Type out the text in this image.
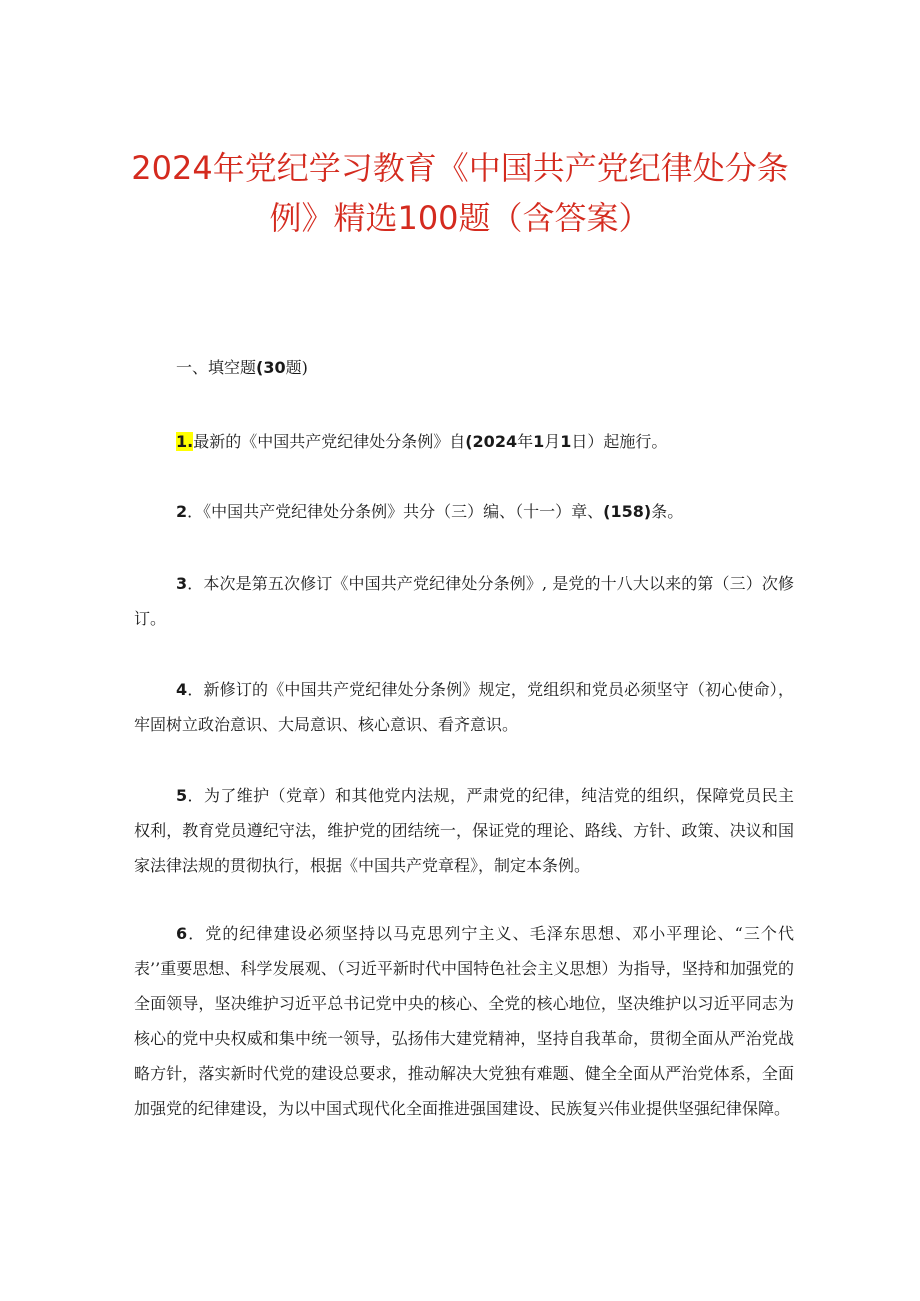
2024年党纪学习教育《中国共产党纪律处分条
例》精选100题（含答案）
一、填空题(30题)
1.最新的《中国共产党纪律处分条例》自(2024年1月1日）起施行。
2．《中国共产党纪律处分条例》共分（三）编、（十一）章、(158)条。
3．本次是第五次修订《中国共产党纪律处分条例》, 是党的十八大以来的第（三）次修订。
4．新修订的《中国共产党纪律处分条例》规定，党组织和党员必须坚守（初心使命），牢固树立政治意识、大局意识、核心意识、看齐意识。
5．为了维护（党章）和其他党内法规，严肃党的纪律，纯洁党的组织，保障党员民主权利，教育党员遵纪守法，维护党的团结统一，保证党的理论、路线、方针、政策、决议和国家法律法规的贯彻执行，根据《中国共产党章程》，制定本条例。
6．党的纪律建设必须坚持以马克思列宁主义、毛泽东思想、邓小平理论、“三个代表’’重要思想、科学发展观、（习近平新时代中国特色社会主义思想）为指导，坚持和加强党的全面领导，坚决维护习近平总书记党中央的核心、全党的核心地位，坚决维护以习近平同志为核心的党中央权威和集中统一领导，弘扬伟大建党精神，坚持自我革命，贯彻全面从严治党战略方针，落实新时代党的建设总要求，推动解决大党独有难题、健全全面从严治党体系，全面加强党的纪律建设，为以中国式现代化全面推进强国建设、民族复兴伟业提供坚强纪律保障。
